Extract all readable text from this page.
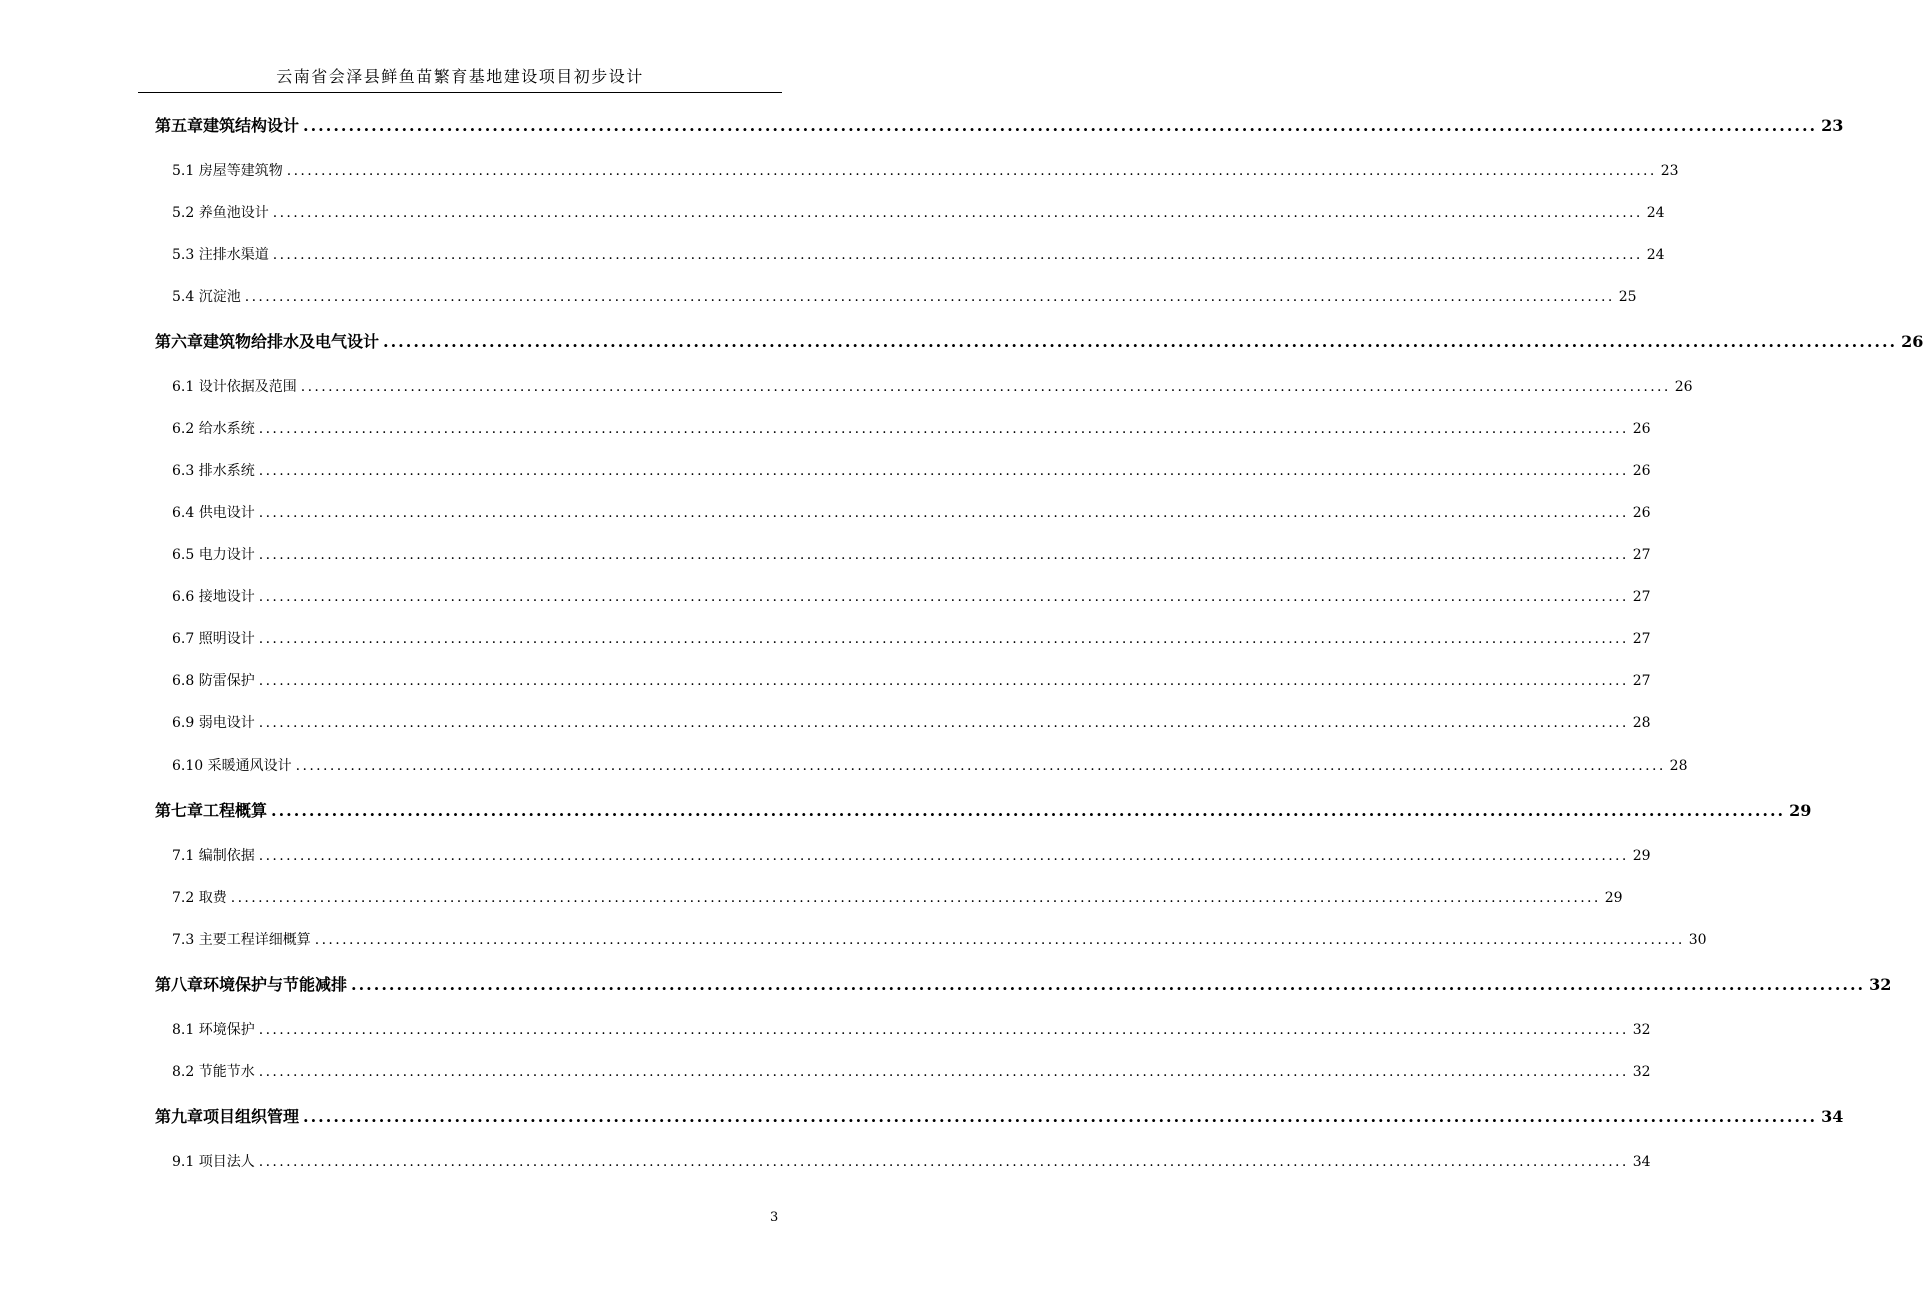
云南省会泽县鲜鱼苗繁育基地建设项目初步设计
第五章 建筑结构设计 ........................................................................................................................................................................................................ 23
5.1 房屋等建筑物 ........................................................................................................................................................................................................ 23
5.2 养鱼池设计 ........................................................................................................................................................................................................ 24
5.3 注排水渠道 ........................................................................................................................................................................................................ 24
5.4 沉淀池 ........................................................................................................................................................................................................ 25
第六章 建筑物给排水及电气设计 ........................................................................................................................................................................................................ 26
6.1 设计依据及范围 ........................................................................................................................................................................................................ 26
6.2 给水系统 ........................................................................................................................................................................................................ 26
6.3 排水系统 ........................................................................................................................................................................................................ 26
6.4 供电设计 ........................................................................................................................................................................................................ 26
6.5 电力设计 ........................................................................................................................................................................................................ 27
6.6 接地设计 ........................................................................................................................................................................................................ 27
6.7 照明设计 ........................................................................................................................................................................................................ 27
6.8 防雷保护 ........................................................................................................................................................................................................ 27
6.9 弱电设计 ........................................................................................................................................................................................................ 28
6.10 采暖通风设计 ........................................................................................................................................................................................................ 28
第七章 工程概算 ........................................................................................................................................................................................................ 29
7.1 编制依据 ........................................................................................................................................................................................................ 29
7.2 取费 ........................................................................................................................................................................................................ 29
7.3 主要工程详细概算 ........................................................................................................................................................................................................ 30
第八章 环境保护与节能减排 ........................................................................................................................................................................................................ 32
8.1 环境保护 ........................................................................................................................................................................................................ 32
8.2 节能节水 ........................................................................................................................................................................................................ 32
第九章 项目组织管理 ........................................................................................................................................................................................................ 34
9.1 项目法人 ........................................................................................................................................................................................................ 34
3
